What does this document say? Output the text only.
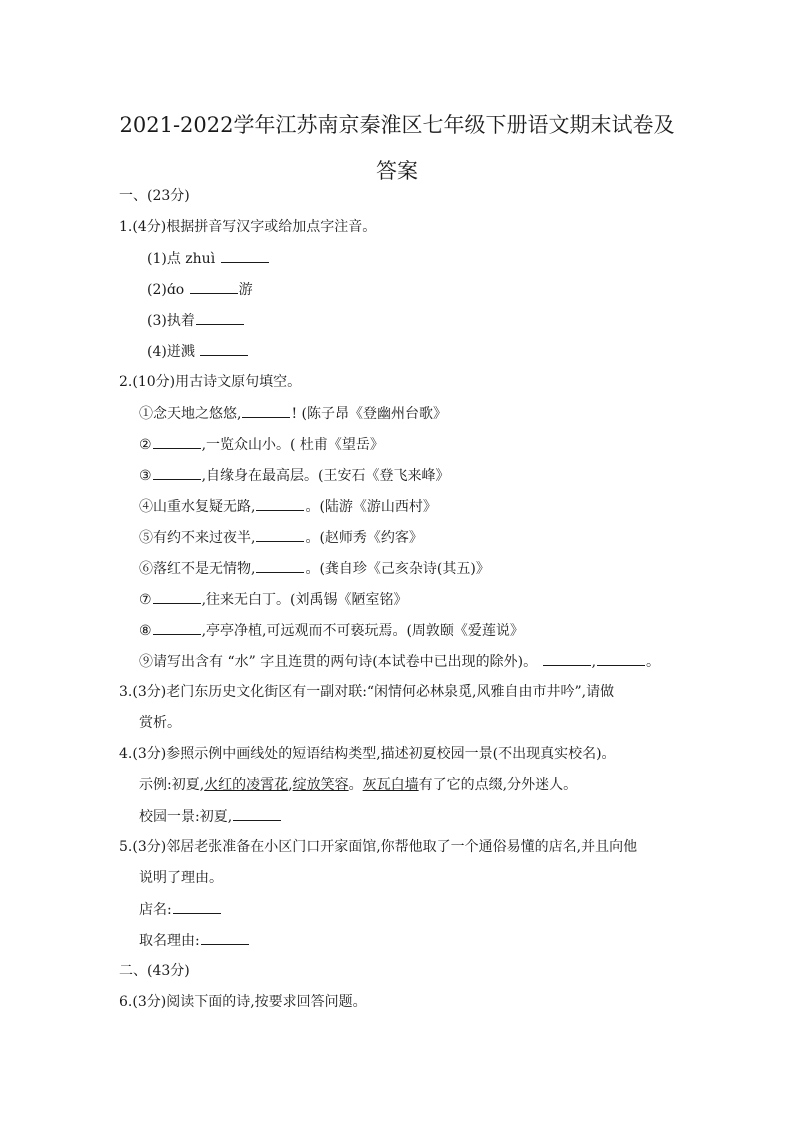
2021-2022学年江苏南京秦淮区七年级下册语文期末试卷及
答案
一、(23分)
1.(4分)根据拼音写汉字或给加点字注音。
(1)点 zhuì
(2)ɑ́o	游
(3)执着
(4)迸溅
2.(10分)用古诗文原句填空。
①念天地之悠悠,	! (陈子昂《登幽州台歌》
②	,一览众山小。( 杜甫《望岳》
③	,自缘身在最高层。(王安石《登飞来峰》
④山重水复疑无路,	。(陆游《游山西村》
⑤有约不来过夜半,	。(赵师秀《约客》
⑥落红不是无情物,	。(龚自珍《己亥杂诗(其五)》
⑦	,往来无白丁。(刘禹锡《陋室铭》
⑧	,亭亭净植,可远观而不可亵玩焉。(周敦颐《爱莲说》
⑨请写出含有 “水” 字且连贯的两句诗(本试卷中已出现的除外)。	,	。
3.(3分)老门东历史文化街区有一副对联:“闲情何必林泉觅,风雅自由市井吟”,请做
赏析。
4.(3分)参照示例中画线处的短语结构类型,描述初夏校园一景(不出现真实校名)。
示例:初夏,火红的凌霄花,绽放笑容。灰瓦白墙有了它的点缀,分外迷人。
校园一景:初夏,
5.(3分)邻居老张准备在小区门口开家面馆,你帮他取了一个通俗易懂的店名,并且向他
说明了理由。
店名:
取名理由:
二、(43分)
6.(3分)阅读下面的诗,按要求回答问题。
